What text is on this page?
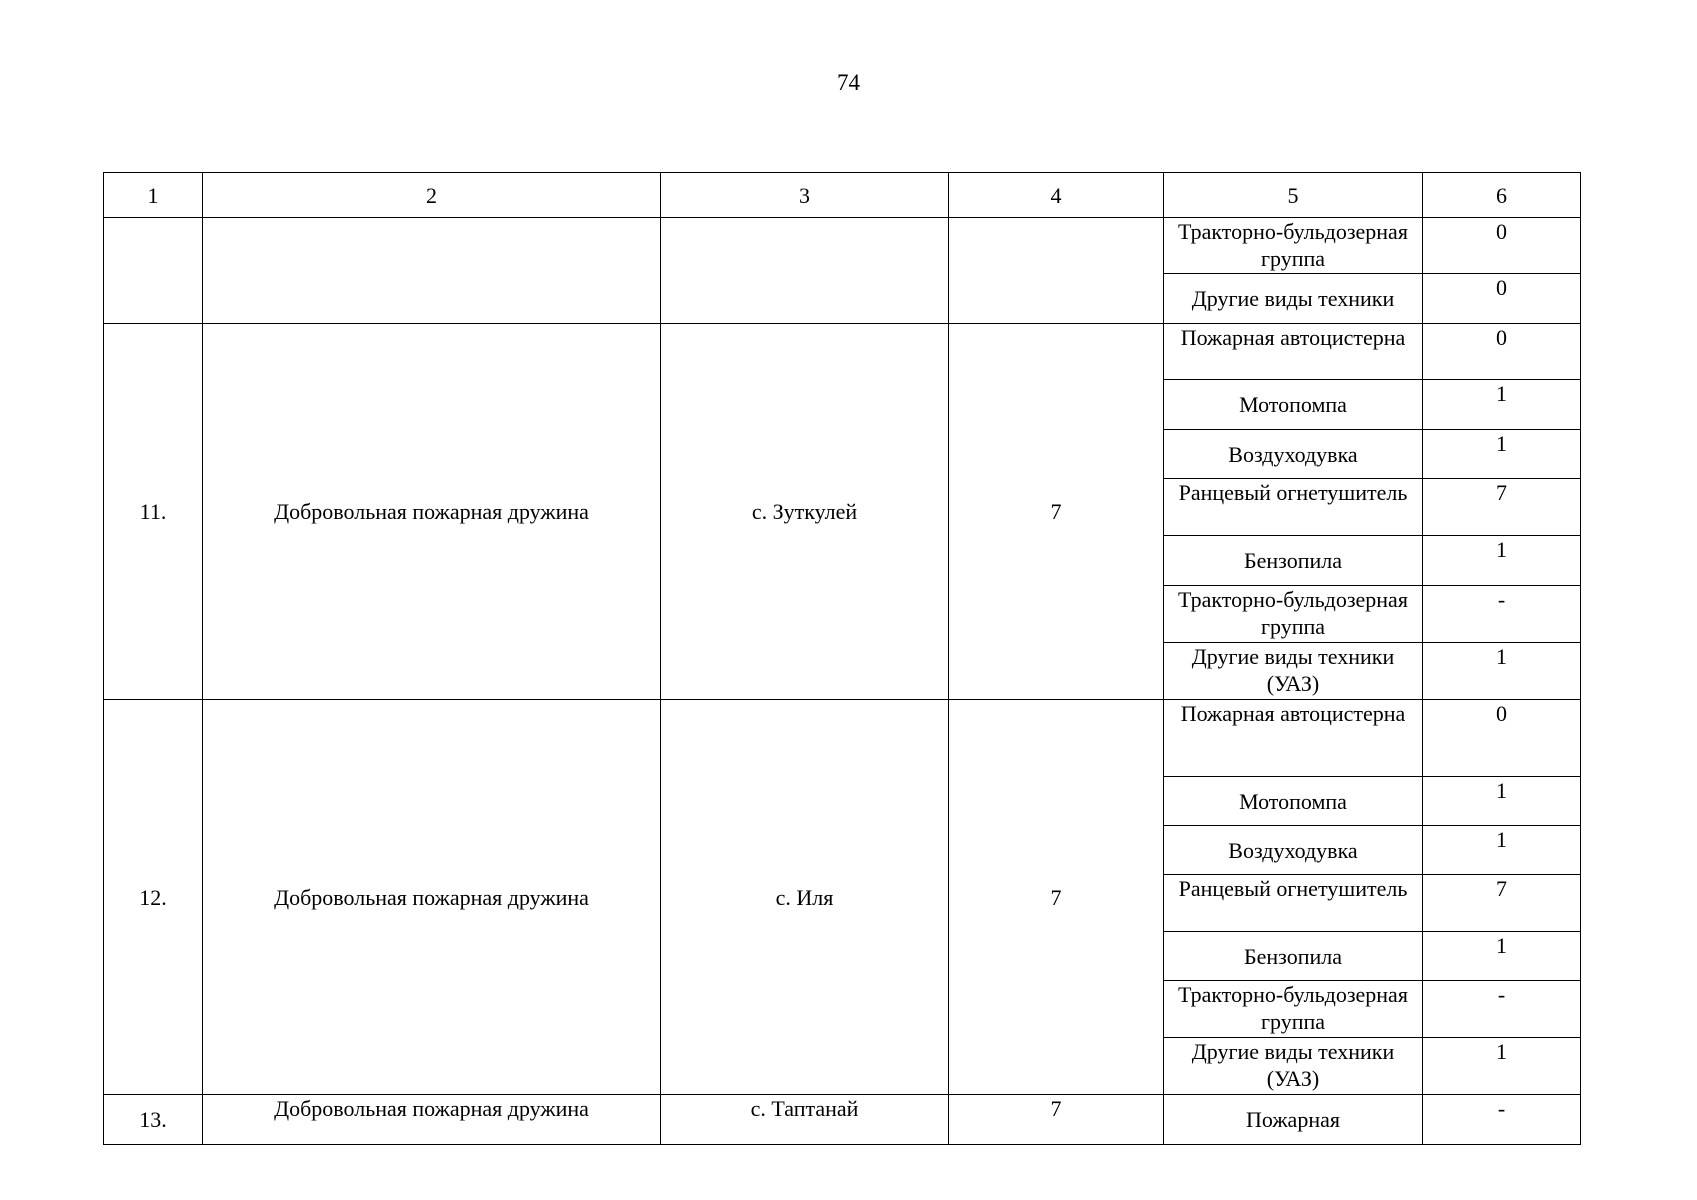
74
1	2	3	4	5	6
				Тракторно-бульдозерная группа	0
				Другие виды техники	0
11.	Добровольная пожарная дружина	с. Зуткулей	7	Пожарная автоцистерна	0
				Мотопомпа	1
				Воздуходувка	1
				Ранцевый огнетушитель	7
				Бензопила	1
				Тракторно-бульдозерная группа	-
				Другие виды техники (УАЗ)	1
12.	Добровольная пожарная дружина	с. Иля	7	Пожарная автоцистерна	0
				Мотопомпа	1
				Воздуходувка	1
				Ранцевый огнетушитель	7
				Бензопила	1
				Тракторно-бульдозерная группа	-
				Другие виды техники (УАЗ)	1
13.	Добровольная пожарная дружина	с. Таптанай	7	Пожарная	-
